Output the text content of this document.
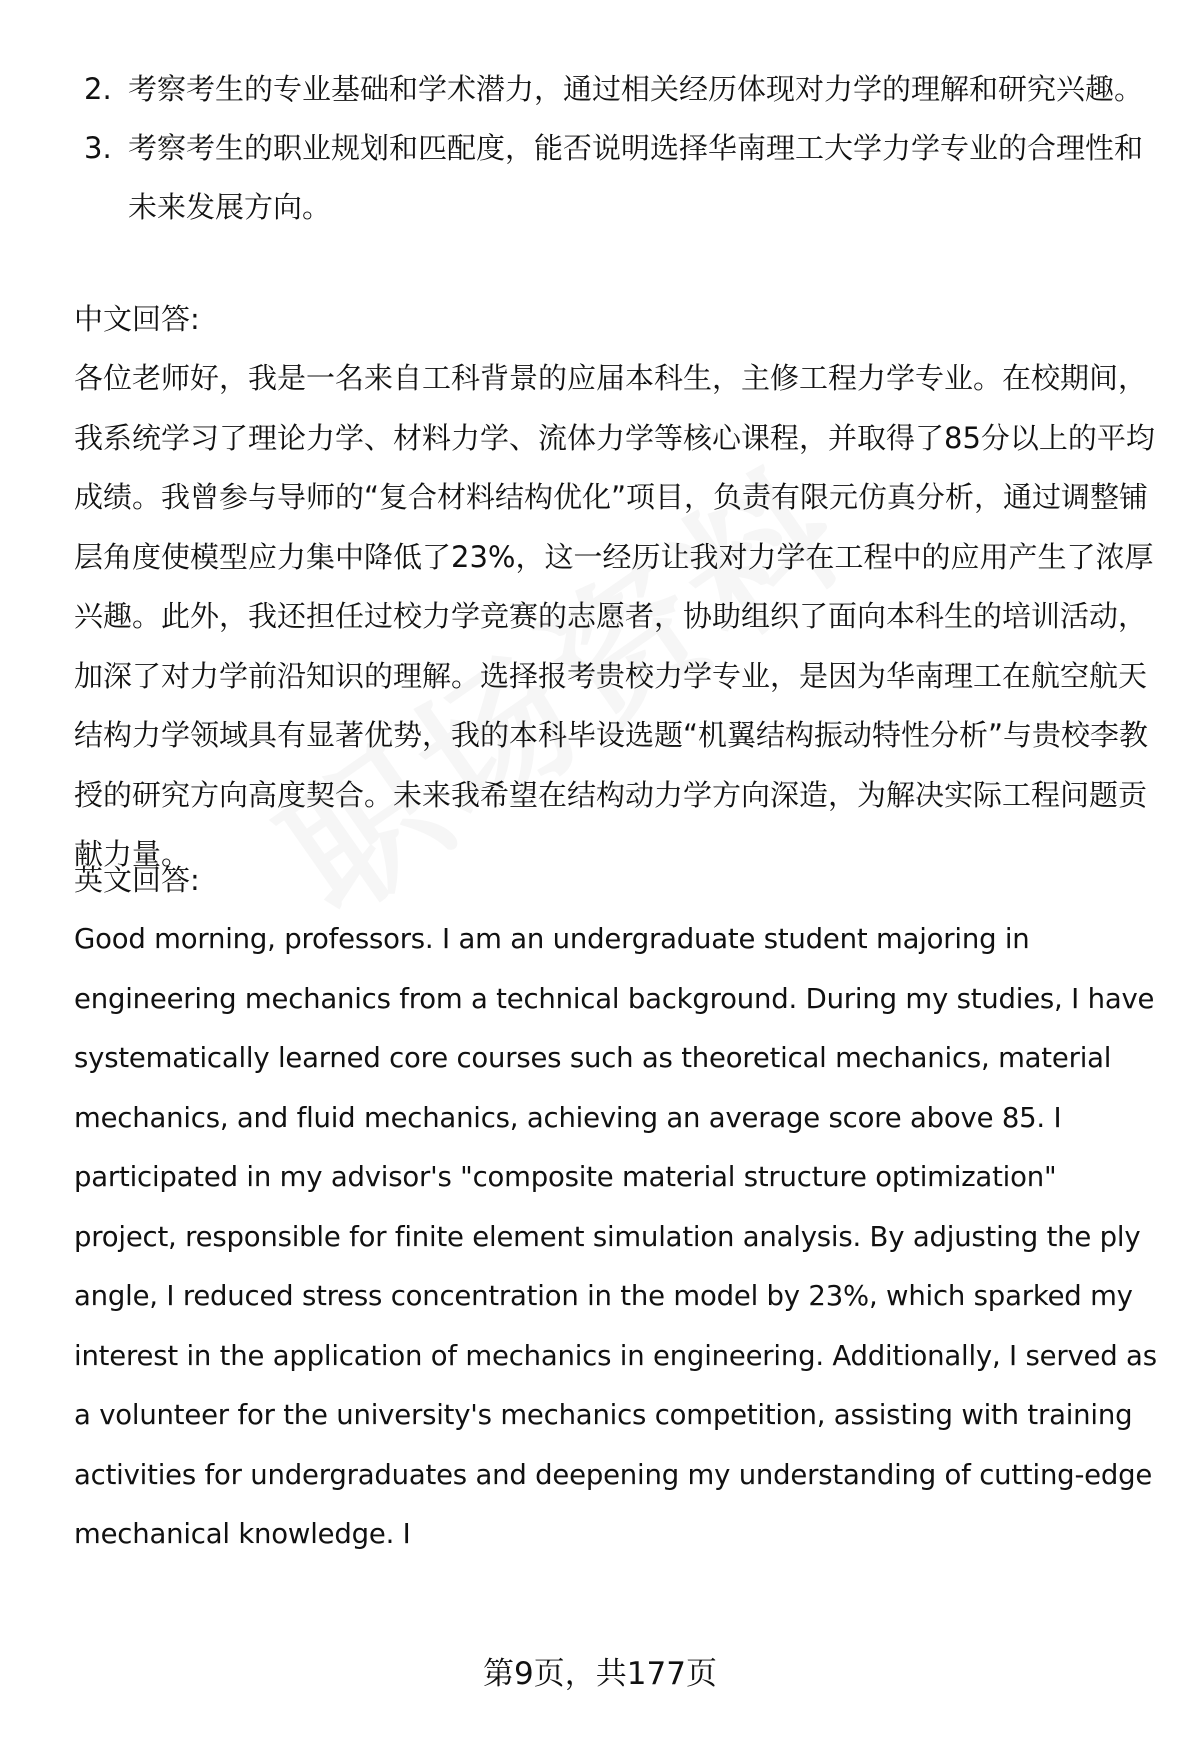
2. 考察考生的专业基础和学术潜力，通过相关经历体现对力学的理解和研究兴趣。
3. 考察考生的职业规划和匹配度，能否说明选择华南理工大学力学专业的合理性和未来发展方向。
中文回答:

各位老师好，我是一名来自工科背景的应届本科生，主修工程力学专业。在校期间，我系统学习了理论力学、材料力学、流体力学等核心课程，并取得了85分以上的平均成绩。我曾参与导师的“复合材料结构优化”项目，负责有限元仿真分析，通过调整铺层角度使模型应力集中降低了23%，这一经历让我对力学在工程中的应用产生了浓厚兴趣。此外，我还担任过校力学竞赛的志愿者，协助组织了面向本科生的培训活动，加深了对力学前沿知识的理解。选择报考贵校力学专业，是因为华南理工在航空航天结构力学领域具有显著优势，我的本科毕设选题“机翼结构振动特性分析”与贵校李教授的研究方向高度契合。未来我希望在结构动力学方向深造，为解决实际工程问题贡献力量。

英文回答:

Good morning, professors. I am an undergraduate student majoring in engineering mechanics from a technical background. During my studies, I have systematically learned core courses such as theoretical mechanics, material mechanics, and fluid mechanics, achieving an average score above 85. I participated in my advisor's "composite material structure optimization" project, responsible for finite element simulation analysis. By adjusting the ply angle, I reduced stress concentration in the model by 23%, which sparked my interest in the application of mechanics in engineering. Additionally, I served as a volunteer for the university's mechanics competition, assisting with training activities for undergraduates and deepening my understanding of cutting-edge mechanical knowledge. I

第9页，共177页
